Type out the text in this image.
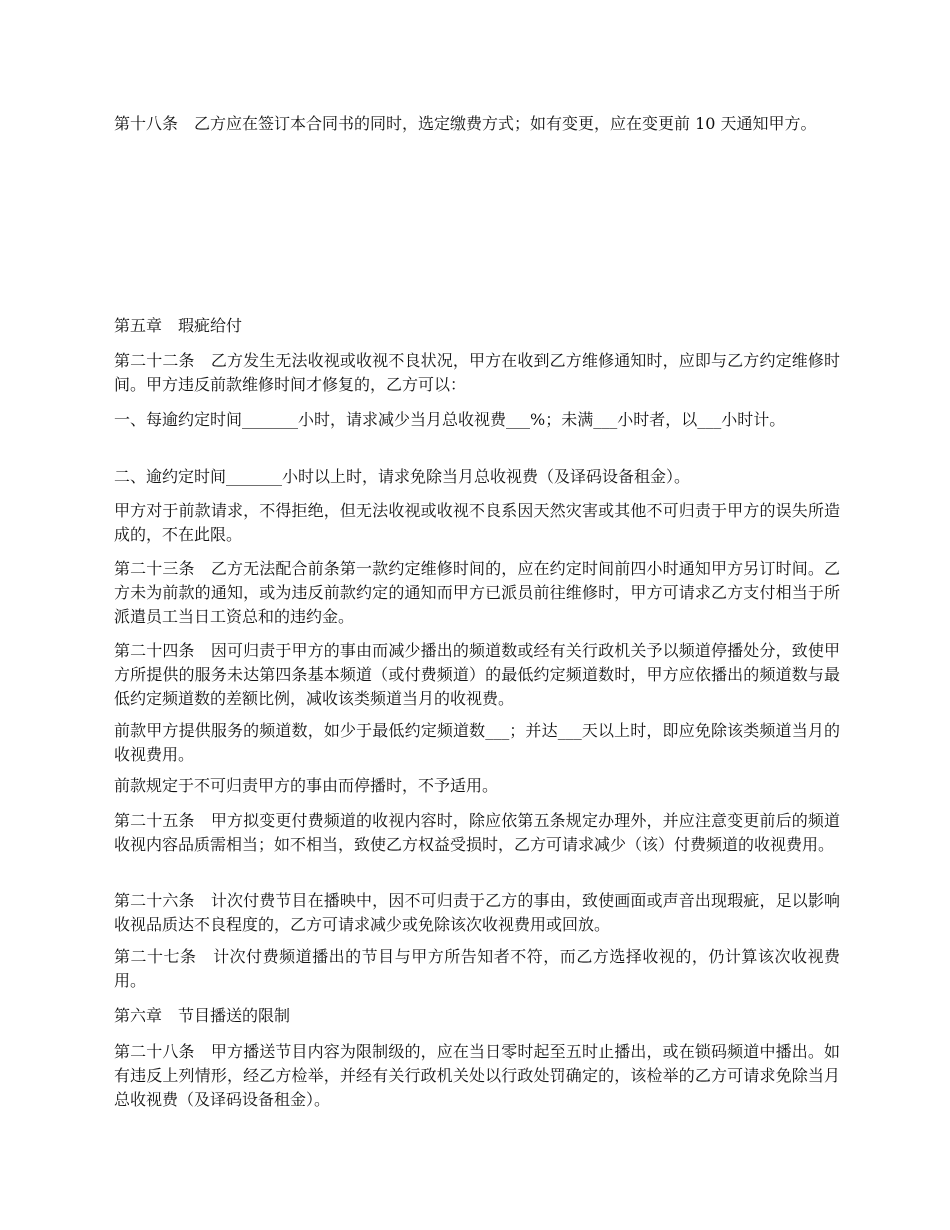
第十八条　乙方应在签订本合同书的同时，选定缴费方式；如有变更，应在变更前 10 天通知甲方。

第五章　瑕疵给付

第二十二条　乙方发生无法收视或收视不良状况，甲方在收到乙方维修通知时，应即与乙方约定维修时间。甲方违反前款维修时间才修复的，乙方可以：

一、每逾约定时间_______小时，请求减少当月总收视费___%；未满___小时者，以___小时计。

二、逾约定时间_______小时以上时，请求免除当月总收视费（及译码设备租金）。

甲方对于前款请求，不得拒绝，但无法收视或收视不良系因天然灾害或其他不可归责于甲方的误失所造成的，不在此限。

第二十三条　乙方无法配合前条第一款约定维修时间的，应在约定时间前四小时通知甲方另订时间。乙方未为前款的通知，或为违反前款约定的通知而甲方已派员前往维修时，甲方可请求乙方支付相当于所派遣员工当日工资总和的违约金。

第二十四条　因可归责于甲方的事由而减少播出的频道数或经有关行政机关予以频道停播处分，致使甲方所提供的服务未达第四条基本频道（或付费频道）的最低约定频道数时，甲方应依播出的频道数与最低约定频道数的差额比例，减收该类频道当月的收视费。

前款甲方提供服务的频道数，如少于最低约定频道数___；并达___天以上时，即应免除该类频道当月的收视费用。

前款规定于不可归责甲方的事由而停播时，不予适用。

第二十五条　甲方拟变更付费频道的收视内容时，除应依第五条规定办理外，并应注意变更前后的频道收视内容品质需相当；如不相当，致使乙方权益受损时，乙方可请求减少（该）付费频道的收视费用。

第二十六条　计次付费节目在播映中，因不可归责于乙方的事由，致使画面或声音出现瑕疵，足以影响收视品质达不良程度的，乙方可请求减少或免除该次收视费用或回放。

第二十七条　计次付费频道播出的节目与甲方所告知者不符，而乙方选择收视的，仍计算该次收视费用。

第六章　节目播送的限制

第二十八条　甲方播送节目内容为限制级的，应在当日零时起至五时止播出，或在锁码频道中播出。如有违反上列情形，经乙方检举，并经有关行政机关处以行政处罚确定的，该检举的乙方可请求免除当月总收视费（及译码设备租金）。
